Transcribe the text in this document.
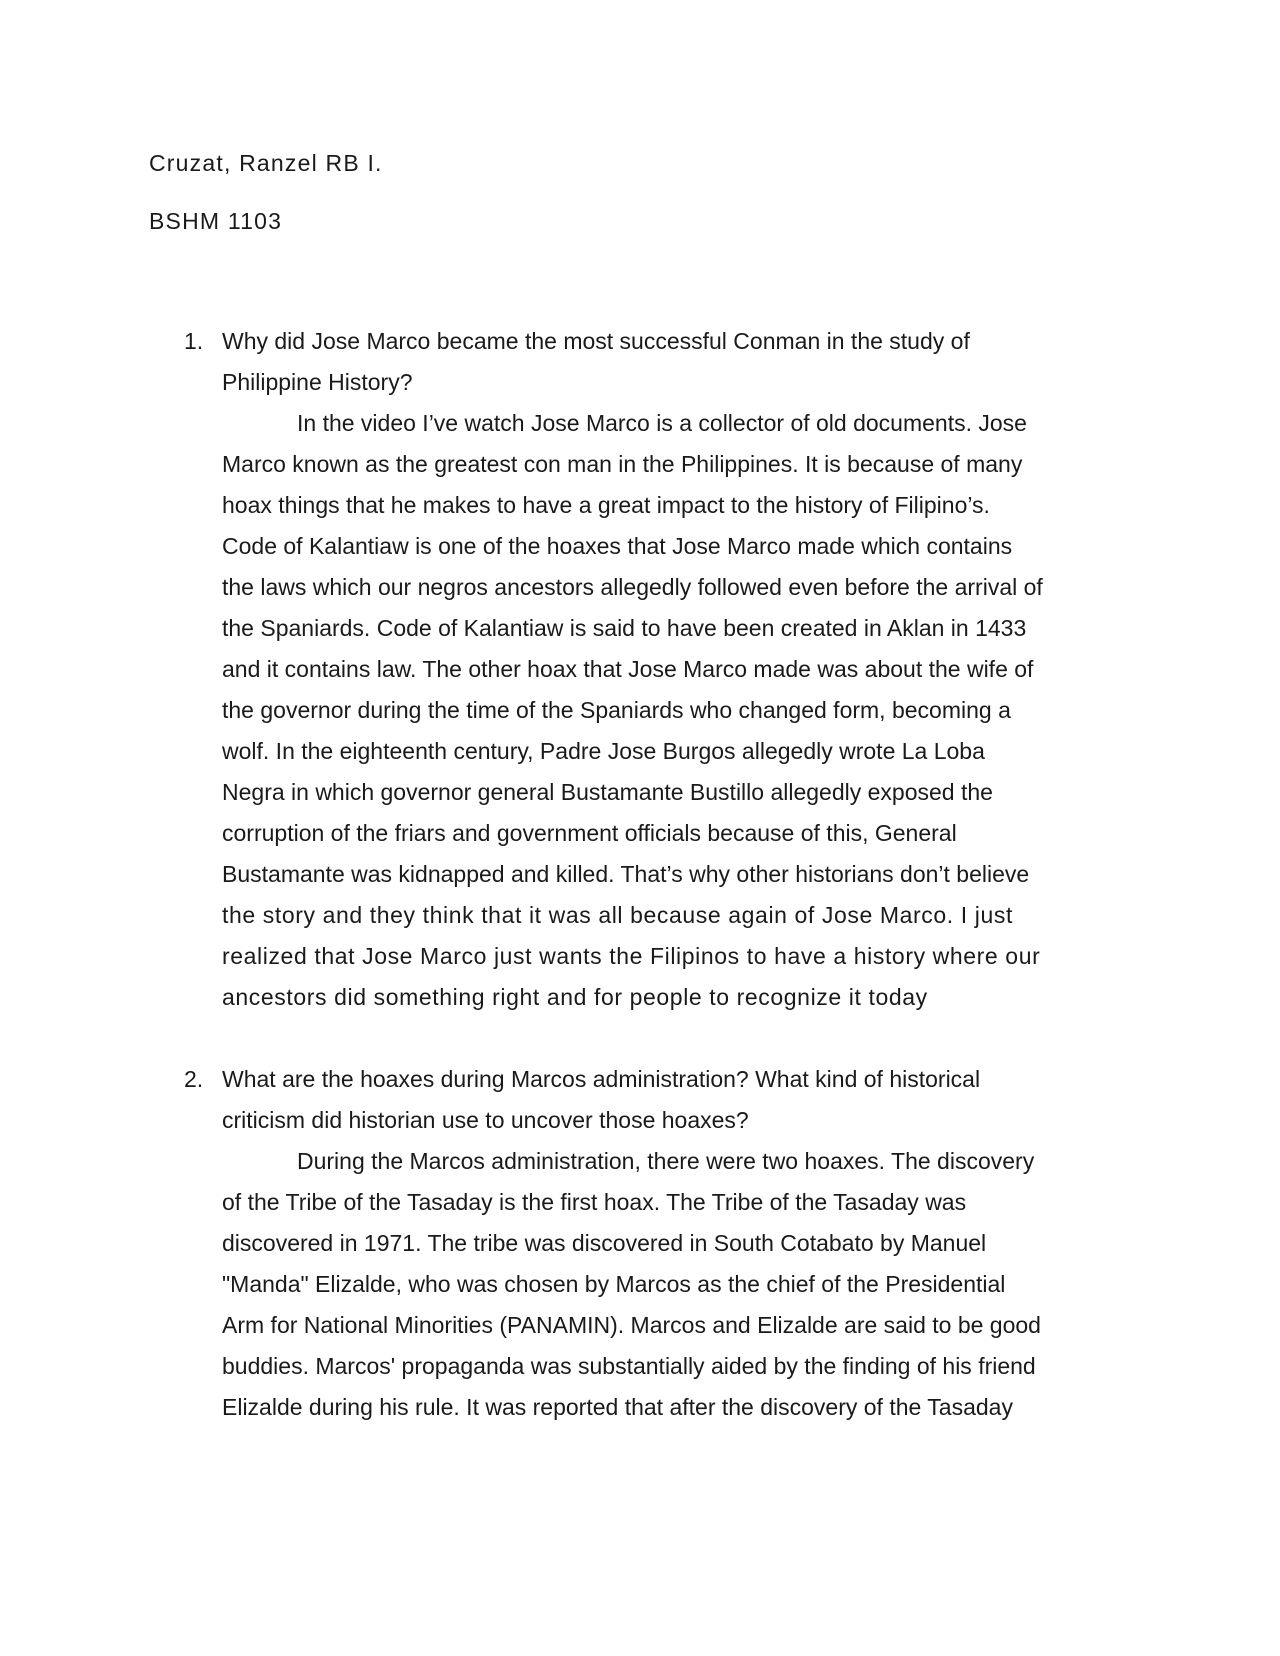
Cruzat, Ranzel RB I.
BSHM 1103
1. Why did Jose Marco became the most successful Conman in the study of
Philippine History?
In the video I’ve watch Jose Marco is a collector of old documents. Jose
Marco known as the greatest con man in the Philippines. It is because of many
hoax things that he makes to have a great impact to the history of Filipino’s.
Code of Kalantiaw is one of the hoaxes that Jose Marco made which contains
the laws which our negros ancestors allegedly followed even before the arrival of
the Spaniards. Code of Kalantiaw is said to have been created in Aklan in 1433
and it contains law. The other hoax that Jose Marco made was about the wife of
the governor during the time of the Spaniards who changed form, becoming a
wolf. In the eighteenth century, Padre Jose Burgos allegedly wrote La Loba
Negra in which governor general Bustamante Bustillo allegedly exposed the
corruption of the friars and government officials because of this, General
Bustamante was kidnapped and killed. That’s why other historians don’t believe
the story and they think that it was all because again of Jose Marco. I just
realized that Jose Marco just wants the Filipinos to have a history where our
ancestors did something right and for people to recognize it today
2. What are the hoaxes during Marcos administration? What kind of historical
criticism did historian use to uncover those hoaxes?
During the Marcos administration, there were two hoaxes. The discovery
of the Tribe of the Tasaday is the first hoax. The Tribe of the Tasaday was
discovered in 1971. The tribe was discovered in South Cotabato by Manuel
"Manda" Elizalde, who was chosen by Marcos as the chief of the Presidential
Arm for National Minorities (PANAMIN). Marcos and Elizalde are said to be good
buddies. Marcos' propaganda was substantially aided by the finding of his friend
Elizalde during his rule. It was reported that after the discovery of the Tasaday
